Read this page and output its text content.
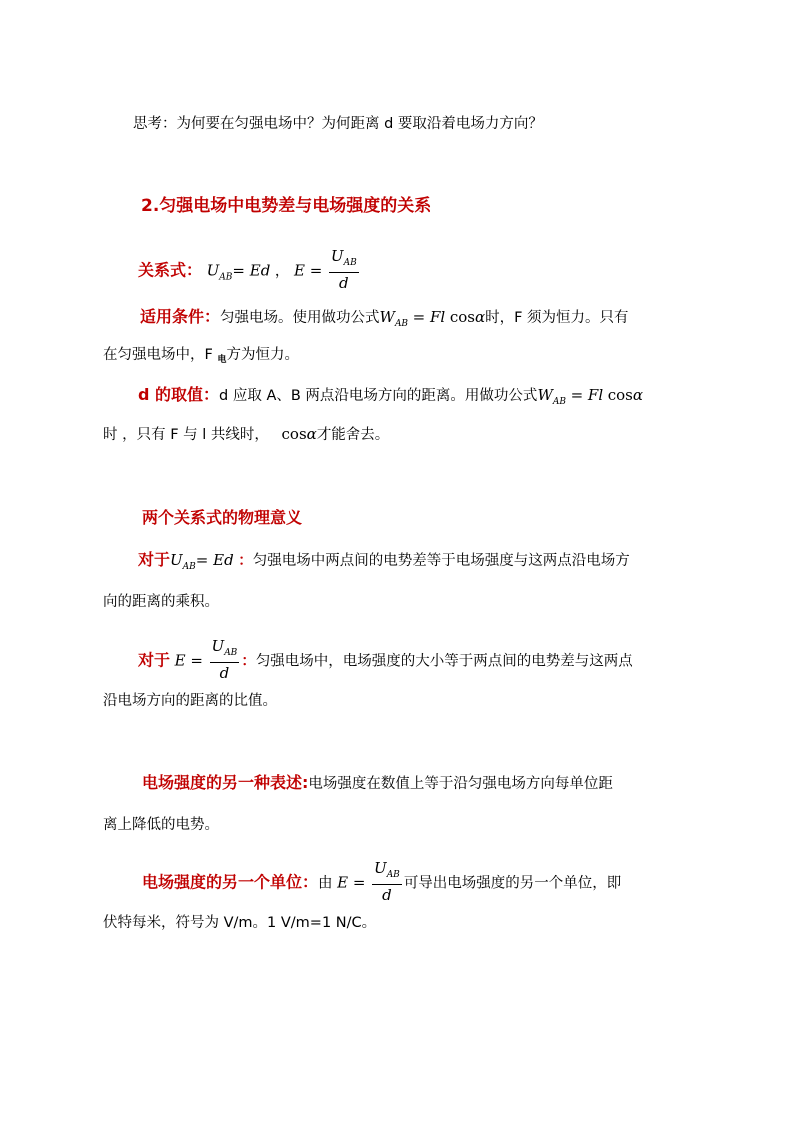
思考：为何要在匀强电场中？为何距离 d 要取沿着电场力方向？
2.匀强电场中电势差与电场强度的关系
关系式： $U_{AB}= Ed$ ， $E = \frac{U_{AB}}{d}$
适用条件：匀强电场。使用做功公式$W_{AB} = Fl$ cosα时，F 须为恒力。只有
在匀强电场中，F $_电$方为恒力。
d 的取值：d 应取 A、B 两点沿电场方向的距离。用做功公式$W_{AB} = Fl$ cosα
时 ，只有 F 与 l 共线时， cosα才能舍去。
两个关系式的物理意义
对于$U_{AB}= Ed$ ：匀强电场中两点间的电势差等于电场强度与这两点沿电场方
向的距离的乘积。
对于 $E = \frac{U_{AB}}{d}$ ：匀强电场中，电场强度的大小等于两点间的电势差与这两点
沿电场方向的距离的比值。
电场强度的另一种表述:电场强度在数值上等于沿匀强电场方向每单位距
离上降低的电势。
电场强度的另一个单位：由 $E = \frac{U_{AB}}{d}$ 可导出电场强度的另一个单位，即
伏特每米，符号为 V/m。1 V/m=1 N/C。
